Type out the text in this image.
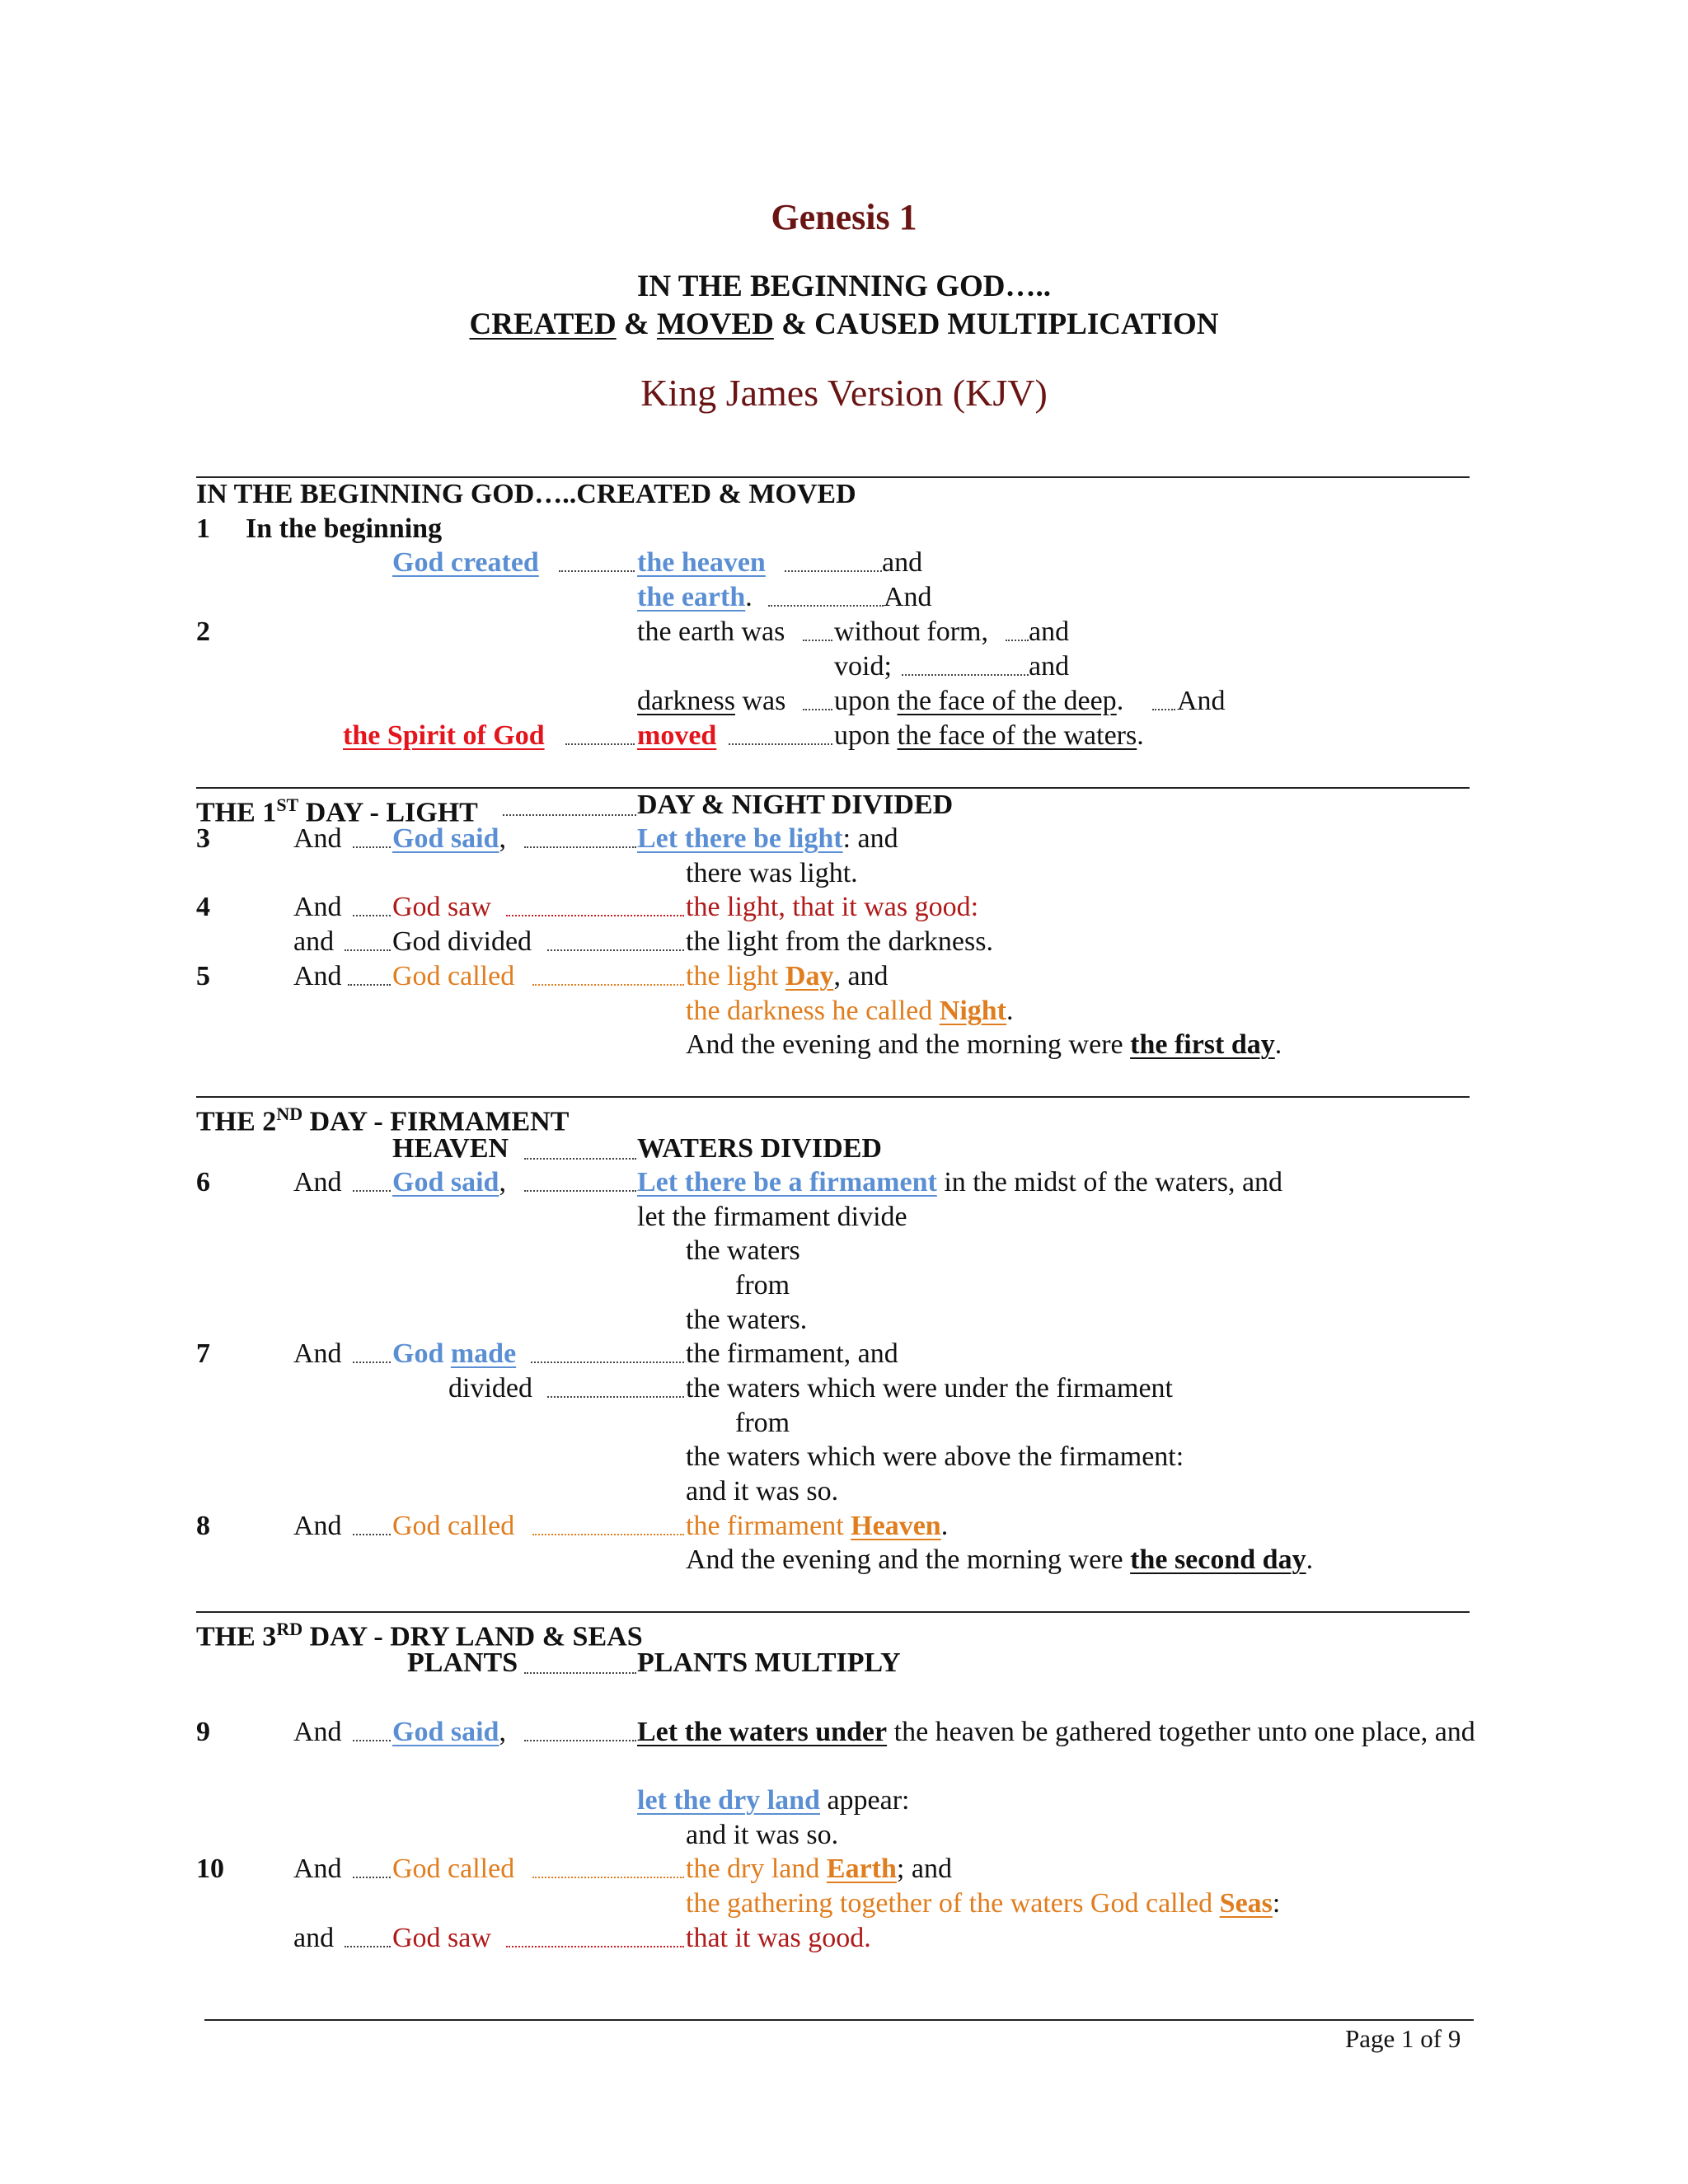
Genesis 1
IN THE BEGINNING GOD…..
CREATED & MOVED & CAUSED MULTIPLICATION
King James Version (KJV)
IN THE BEGINNING GOD…..CREATED & MOVED
1 In the beginning
God created	the heaven	and
the earth.	And
2	the earth was without form, and
void;	and
darkness was upon the face of the deep. And
the Spirit of God	moved	upon the face of the waters.
THE 1ST DAY - LIGHT	DAY & NIGHT DIVIDED
3	And God said,	Let there be light: and
there was light.
4	And God saw	the light, that it was good:
and God divided	the light from the darkness.
5	And God called	the light Day, and
the darkness he called Night.
And the evening and the morning were the first day.
THE 2ND DAY - FIRMAMENT
HEAVEN	WATERS DIVIDED
6	And God said,	Let there be a firmament in the midst of the waters, and
let the firmament divide
the waters
from
the waters.
7	And God made	the firmament, and
divided	the waters which were under the firmament
from
the waters which were above the firmament:
and it was so.
8	And God called	the firmament Heaven.
And the evening and the morning were the second day.
THE 3RD DAY - DRY LAND & SEAS
PLANTS	PLANTS MULTIPLY
9	And God said,	Let the waters under the heaven be gathered together unto one place, and
let the dry land appear:
and it was so.
10 And God called	the dry land Earth; and
the gathering together of the waters God called Seas:
and God saw	that it was good.
Page 1 of 9
